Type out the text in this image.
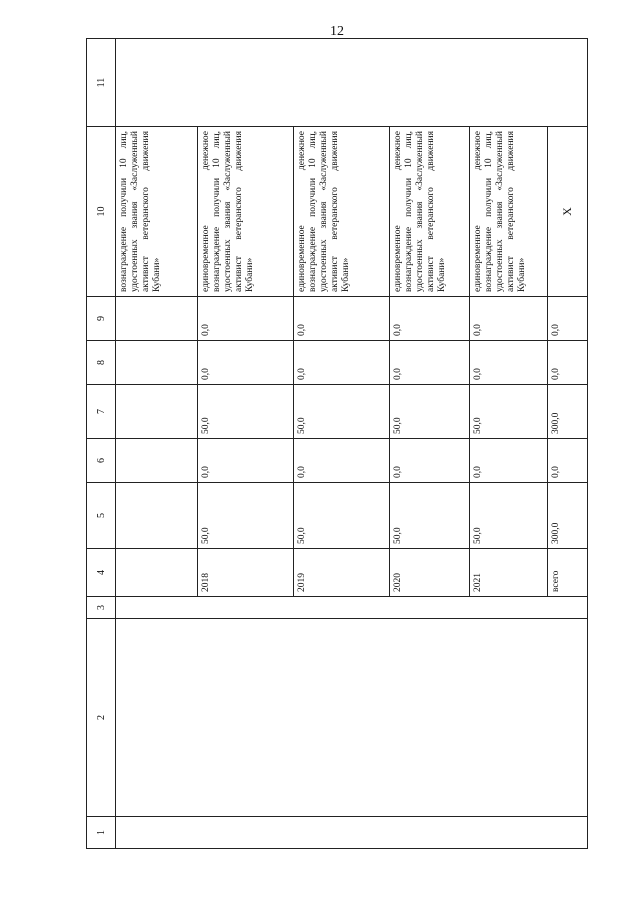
12
1	2	3	4	5	6	7	8	9	10	11
									вознаграждение получили 10 лиц, удостоенных звания «Заслуженный активист ветеранского движения Кубани»	
			2018	50,0	0,0	50,0	0,0	0,0	единовременное денежное вознаграждение получили 10 лиц, удостоенных звания «Заслуженный активист ветеранского движения Кубани»	
			2019	50,0	0,0	50,0	0,0	0,0	единовременное денежное вознаграждение получили 10 лиц, удостоенных звания «Заслуженный активист ветеранского движения Кубани»	
			2020	50,0	0,0	50,0	0,0	0,0	единовременное денежное вознаграждение получили 10 лиц, удостоенных звания «Заслуженный активист ветеранского движения Кубани»	
			2021	50,0	0,0	50,0	0,0	0,0	единовременное денежное вознаграждение получили 10 лиц, удостоенных звания «Заслуженный активист ветеранского движения Кубани»	
			всего	300,0	0,0	300,0	0,0	0,0	Х	
